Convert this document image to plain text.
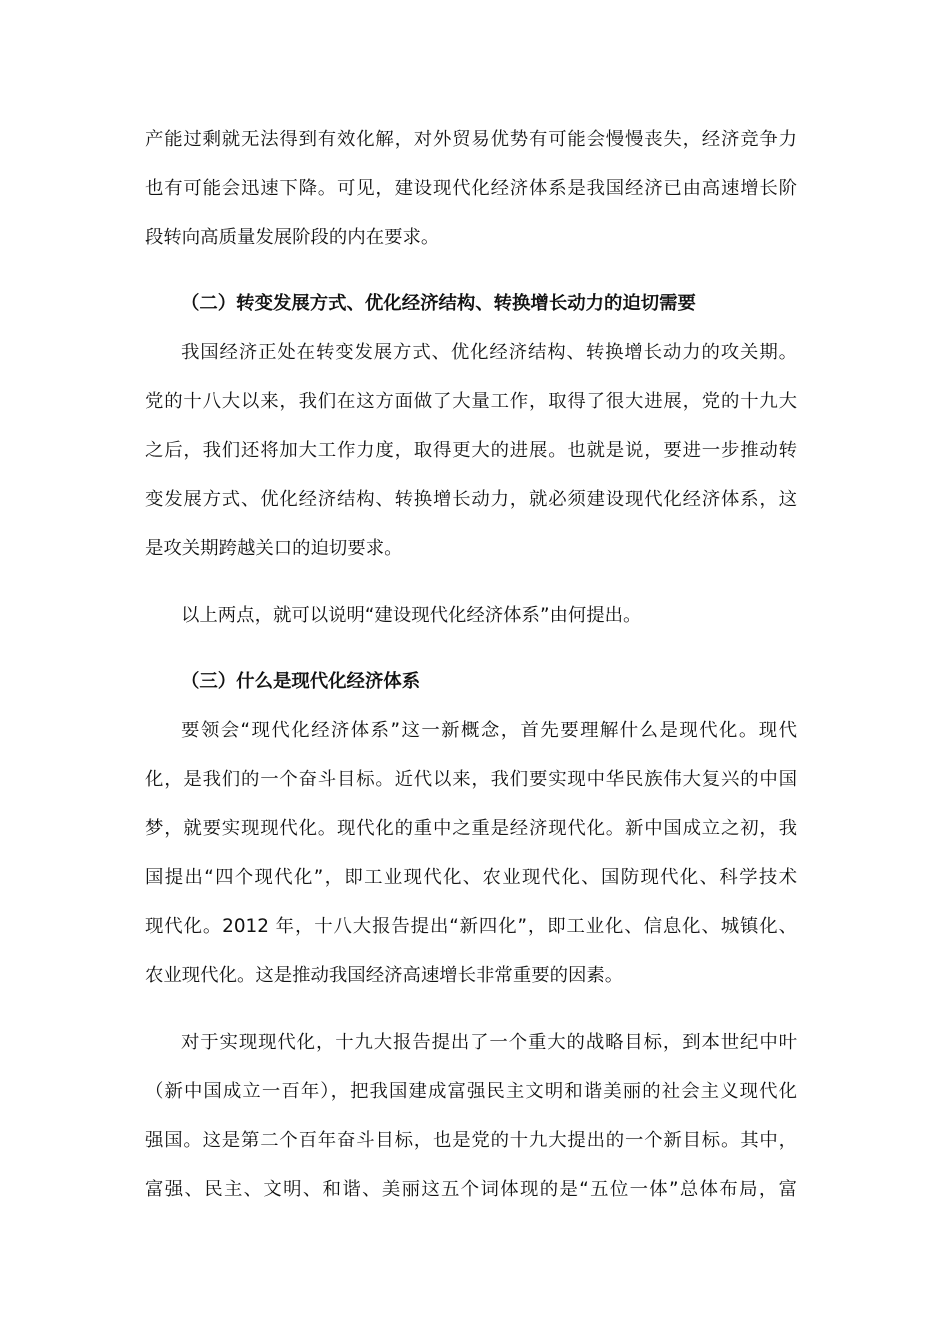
产能过剩就无法得到有效化解，对外贸易优势有可能会慢慢丧失，经济竞争力
也有可能会迅速下降。可见，建设现代化经济体系是我国经济已由高速增长阶
段转向高质量发展阶段的内在要求。
（二）转变发展方式、优化经济结构、转换增长动力的迫切需要
我国经济正处在转变发展方式、优化经济结构、转换增长动力的攻关期。
党的十八大以来，我们在这方面做了大量工作，取得了很大进展，党的十九大
之后，我们还将加大工作力度，取得更大的进展。也就是说，要进一步推动转
变发展方式、优化经济结构、转换增长动力，就必须建设现代化经济体系，这
是攻关期跨越关口的迫切要求。
以上两点，就可以说明“建设现代化经济体系”由何提出。
（三）什么是现代化经济体系
要领会“现代化经济体系”这一新概念，首先要理解什么是现代化。现代
化，是我们的一个奋斗目标。近代以来，我们要实现中华民族伟大复兴的中国
梦，就要实现现代化。现代化的重中之重是经济现代化。新中国成立之初，我
国提出“四个现代化”，即工业现代化、农业现代化、国防现代化、科学技术
现代化。2012 年，十八大报告提出“新四化”，即工业化、信息化、城镇化、
农业现代化。这是推动我国经济高速增长非常重要的因素。
对于实现现代化，十九大报告提出了一个重大的战略目标，到本世纪中叶
（新中国成立一百年），把我国建成富强民主文明和谐美丽的社会主义现代化
强国。这是第二个百年奋斗目标，也是党的十九大提出的一个新目标。其中，
富强、民主、文明、和谐、美丽这五个词体现的是“五位一体”总体布局，富
